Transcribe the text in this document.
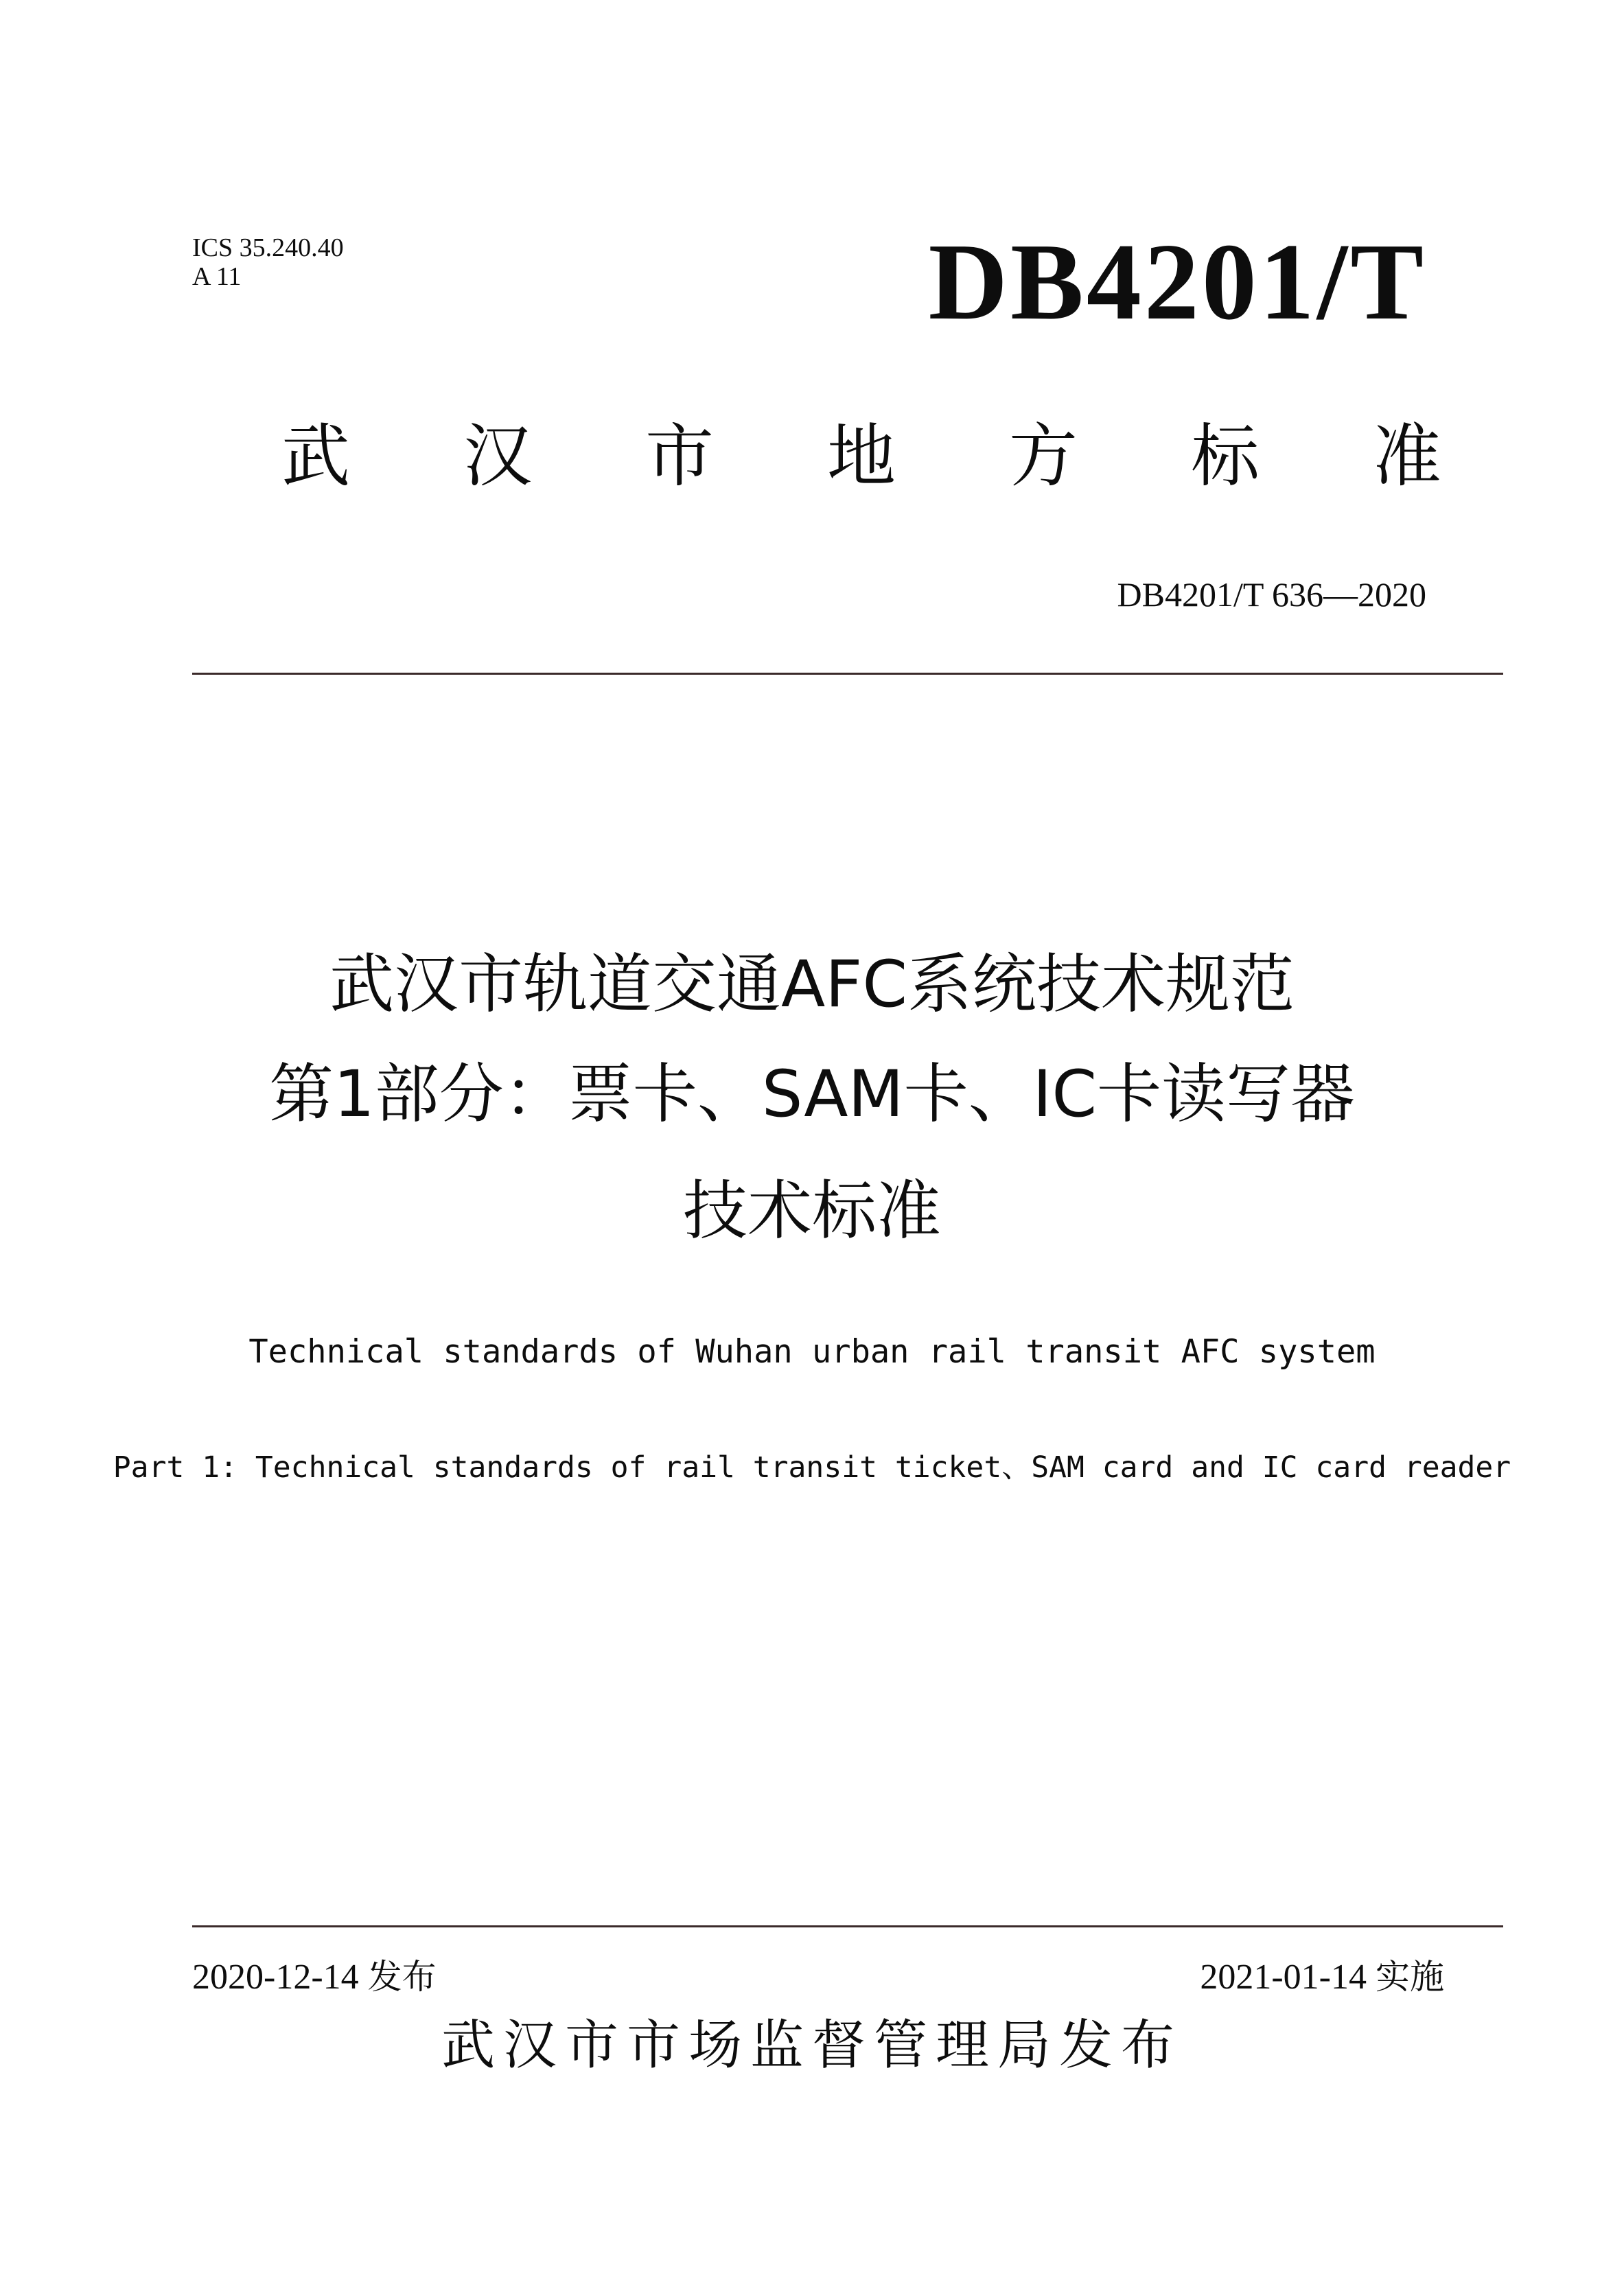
ICS 35.240.40
A 11	DB4201/T
武 汉 市 地 方 标 准
DB4201/T 636—2020
武汉市轨道交通AFC系统技术规范
第1部分：票卡、SAM卡、IC卡读写器
技术标准
Technical standards of Wuhan urban rail transit AFC system
Part 1: Technical standards of rail transit ticket、SAM card and IC card reader
2020-12-14 发布	2021-01-14 实施
武汉市市场监督管理局发布
